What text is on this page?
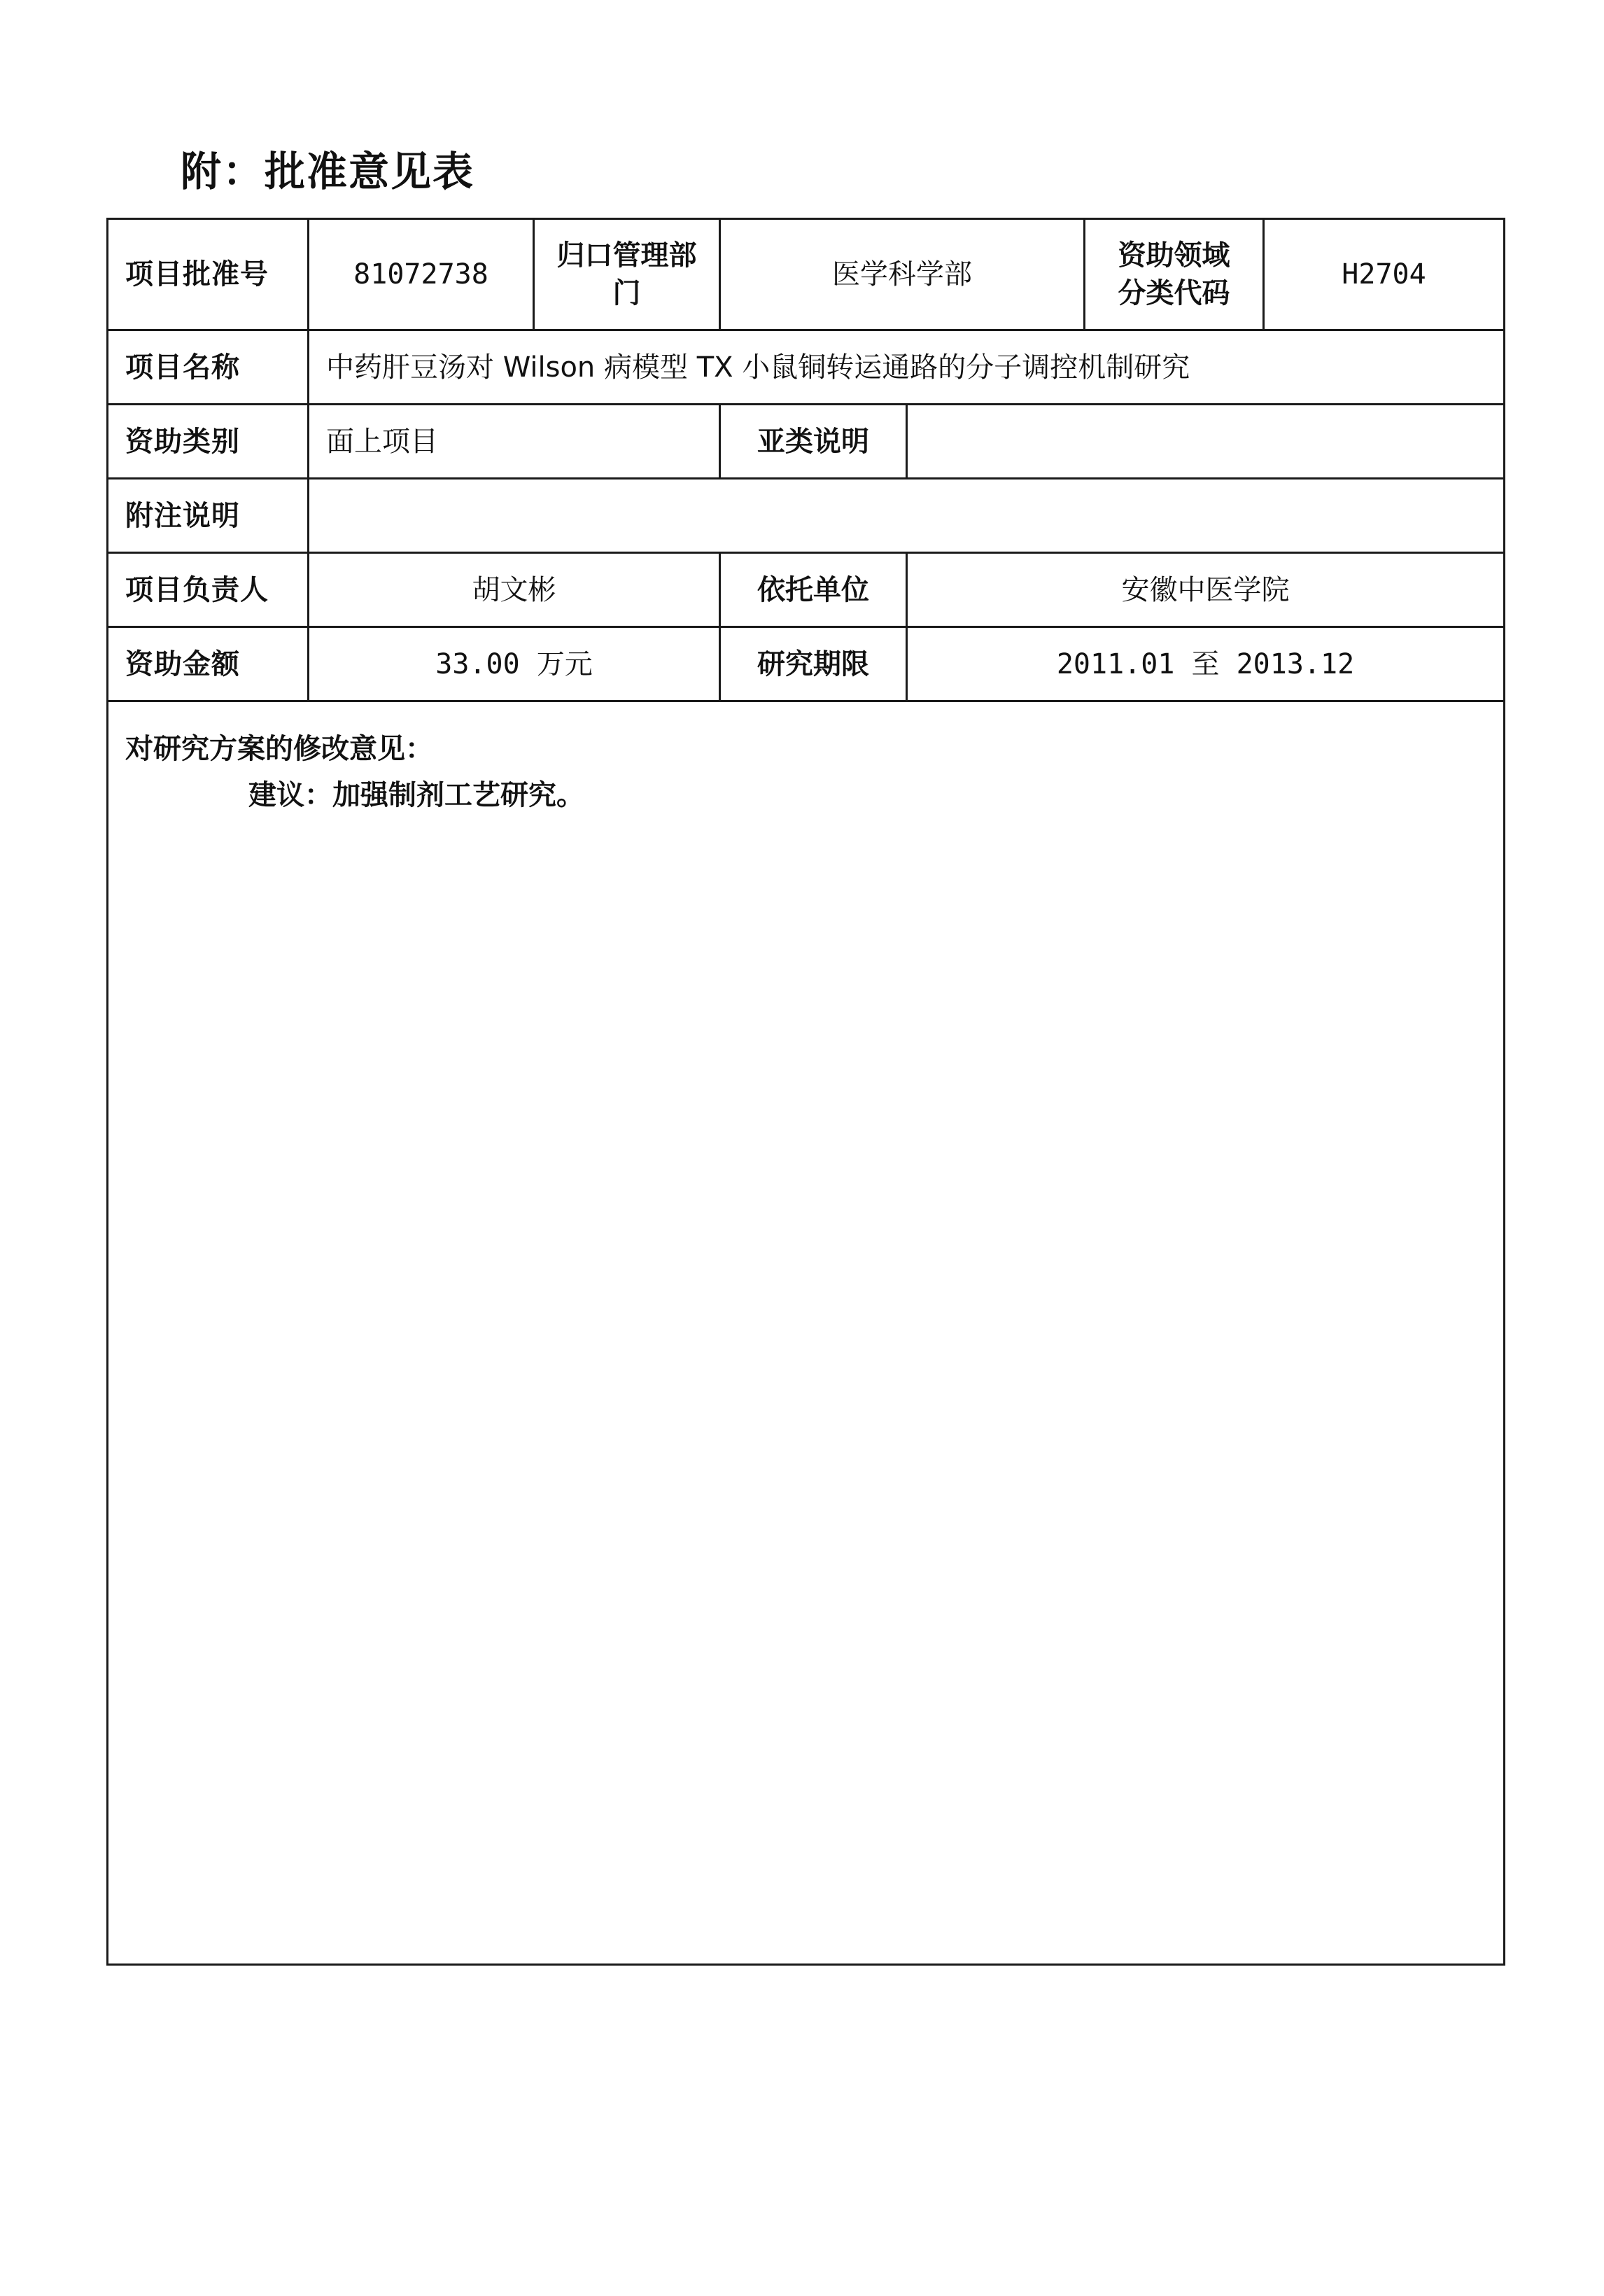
附：批准意见表
项目批准号	81072738	归口管理部门	医学科学部		资助领域分类代码	H2704
项目名称	中药肝豆汤对 Wilson 病模型 TX 小鼠铜转运通路的分子调控机制研究					
资助类别	面上项目		亚类说明			
附注说明						
项目负责人	胡文彬		依托单位	安徽中医学院		
资助金额	33.00 万元		研究期限	2011.01 至 2013.12		

对研究方案的修改意见：
建议：加强制剂工艺研究。						
